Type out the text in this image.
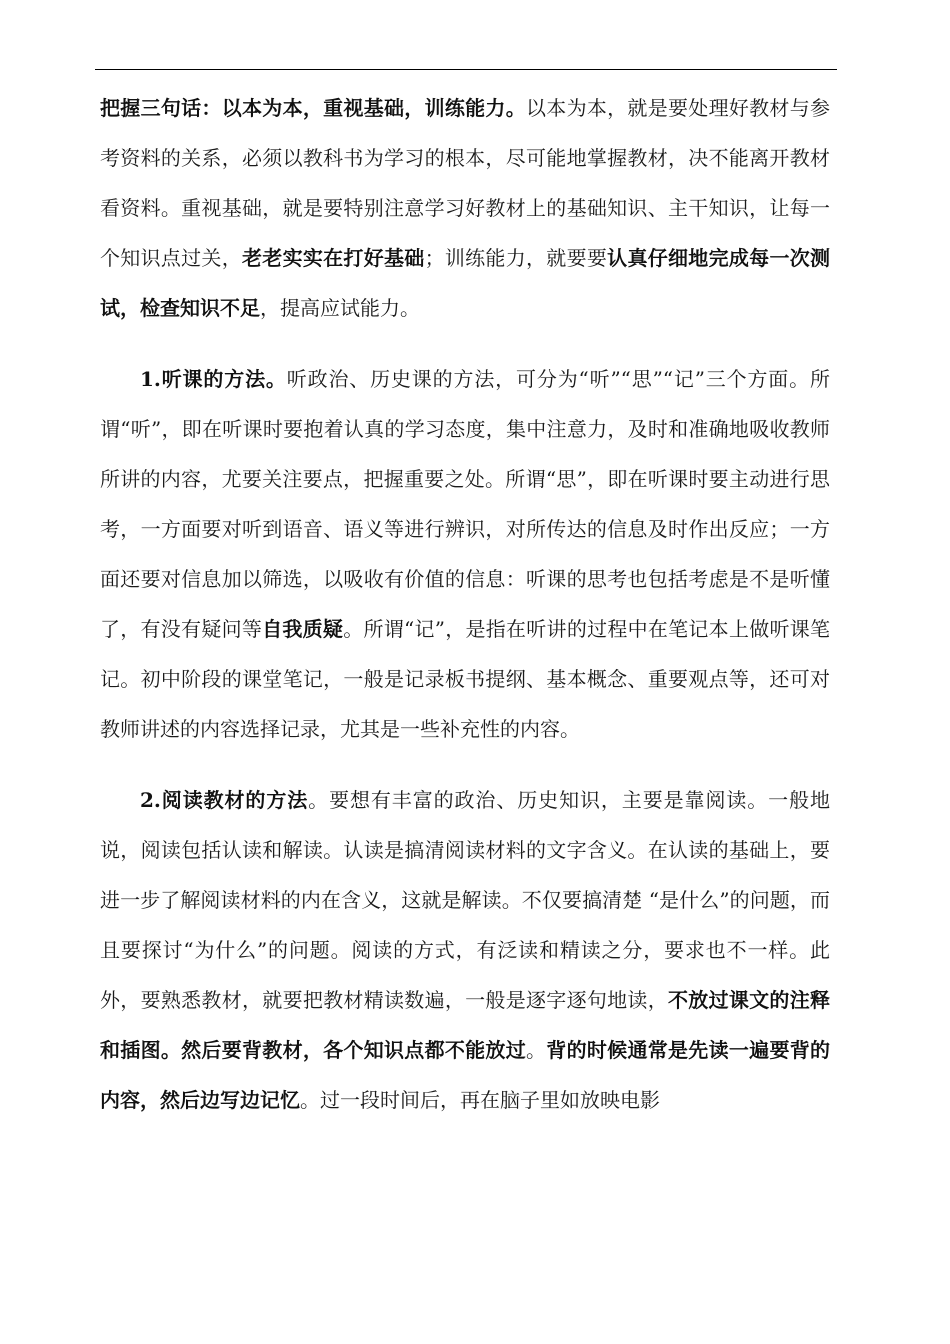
把握三句话：以本为本，重视基础，训练能力。以本为本，就是要处理好教材与参考资料的关系，必须以教科书为学习的根本，尽可能地掌握教材，决不能离开教材看资料。重视基础，就是要特别注意学习好教材上的基础知识、主干知识，让每一个知识点过关，老老实实在打好基础；训练能力，就要要认真仔细地完成每一次测试，检查知识不足，提高应试能力。

1.听课的方法。听政治、历史课的方法，可分为“听”“思”“记”三个方面。所谓“听”，即在听课时要抱着认真的学习态度，集中注意力，及时和准确地吸收教师所讲的内容，尤要关注要点，把握重要之处。所谓“思”，即在听课时要主动进行思考，一方面要对听到语音、语义等进行辨识，对所传达的信息及时作出反应；一方面还要对信息加以筛选，以吸收有价值的信息：听课的思考也包括考虑是不是听懂了，有没有疑问等自我质疑。所谓“记”，是指在听讲的过程中在笔记本上做听课笔记。初中阶段的课堂笔记，一般是记录板书提纲、基本概念、重要观点等，还可对教师讲述的内容选择记录，尤其是一些补充性的内容。

2.阅读教材的方法。要想有丰富的政治、历史知识，主要是靠阅读。一般地说，阅读包括认读和解读。认读是搞清阅读材料的文字含义。在认读的基础上，要进一步了解阅读材料的内在含义，这就是解读。不仅要搞清楚 “是什么”的问题，而且要探讨“为什么”的问题。阅读的方式，有泛读和精读之分，要求也不一样。此外，要熟悉教材，就要把教材精读数遍，一般是逐字逐句地读，不放过课文的注释和插图。然后要背教材，各个知识点都不能放过。背的时候通常是先读一遍要背的内容，然后边写边记忆。过一段时间后，再在脑子里如放映电影
